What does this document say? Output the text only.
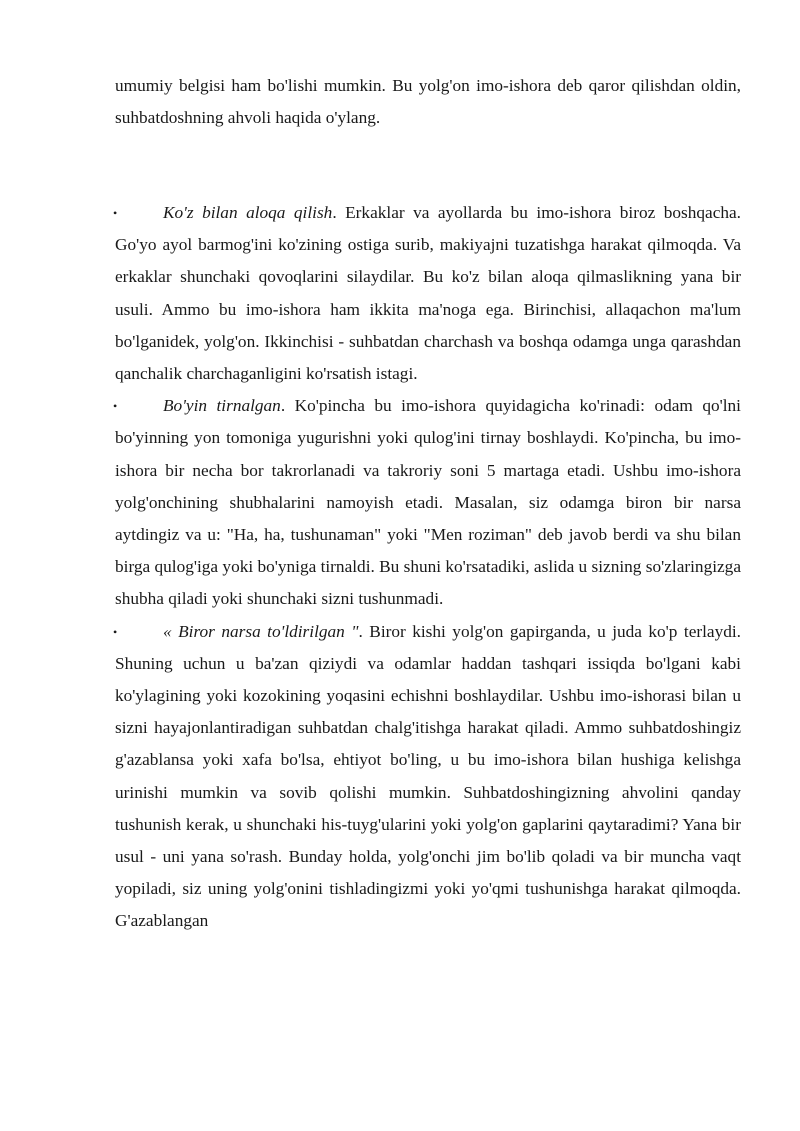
umumiy belgisi ham bo'lishi mumkin. Bu yolg'on imo-ishora deb qaror qilishdan oldin, suhbatdoshning ahvoli haqida o'ylang.

•	Ko'z bilan aloqa qilish. Erkaklar va ayollarda bu imo-ishora biroz boshqacha. Go'yo ayol barmog'ini ko'zining ostiga surib, makiyajni tuzatishga harakat qilmoqda. Va erkaklar shunchaki qovoqlarini silaydilar. Bu ko'z bilan aloqa qilmaslikning yana bir usuli. Ammo bu imo-ishora ham ikkita ma'noga ega. Birinchisi, allaqachon ma'lum bo'lganidek, yolg'on. Ikkinchisi - suhbatdan charchash va boshqa odamga unga qarashdan qanchalik charchaganligini ko'rsatish istagi.

•	Bo'yin tirnalgan. Ko'pincha bu imo-ishora quyidagicha ko'rinadi: odam qo'lni bo'yinning yon tomoniga yugurishni yoki qulog'ini tirnay boshlaydi. Ko'pincha, bu imo-ishora bir necha bor takrorlanadi va takroriy soni 5 martaga etadi. Ushbu imo-ishora yolg'onchining shubhalarini namoyish etadi. Masalan, siz odamga biron bir narsa aytdingiz va u: "Ha, ha, tushunaman" yoki "Men roziman" deb javob berdi va shu bilan birga qulog'iga yoki bo'yniga tirnaldi. Bu shuni ko'rsatadiki, aslida u sizning so'zlaringizga shubha qiladi yoki shunchaki sizni tushunmadi.

•	« Biror narsa to'ldirilgan ". Biror kishi yolg'on gapirganda, u juda ko'p terlaydi. Shuning uchun u ba'zan qiziydi va odamlar haddan tashqari issiqda bo'lgani kabi ko'ylagining yoki kozokining yoqasini echishni boshlaydilar. Ushbu imo-ishorasi bilan u sizni hayajonlantiradigan suhbatdan chalg'itishga harakat qiladi. Ammo suhbatdoshingiz g'azablansa yoki xafa bo'lsa, ehtiyot bo'ling, u bu imo-ishora bilan hushiga kelishga urinishi mumkin va sovib qolishi mumkin. Suhbatdoshingizning ahvolini qanday tushunish kerak, u shunchaki his-tuyg'ularini yoki yolg'on gaplarini qaytaradimi? Yana bir usul - uni yana so'rash. Bunday holda, yolg'onchi jim bo'lib qoladi va bir muncha vaqt yopiladi, siz uning yolg'onini tishladingizmi yoki yo'qmi tushunishga harakat qilmoqda. G'azablangan
